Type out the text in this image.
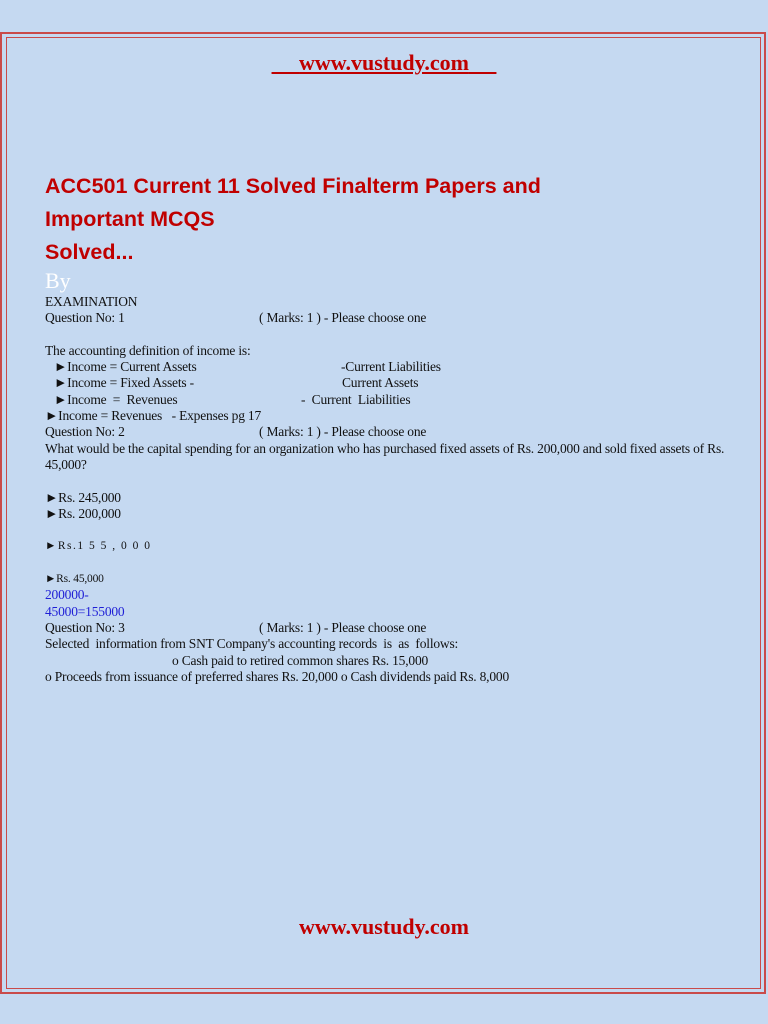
www.vustudy.com
ACC501 Current 11 Solved Finalterm Papers and
Important MCQS
Solved...
By
EXAMINATION

Question No: 1

	( Marks: 1 ) - Please choose one

The accounting definition of income is:

►Income = Current Assets

	-Current Liabilities

►Income = Fixed Assets -

	Current Assets

►Income  =  Revenues

	-  Current  Liabilities

►Income = Revenues   - Expenses pg 17

Question No: 2

	( Marks: 1 ) - Please choose one

What would be the capital spending for an organization who has purchased fixed assets of Rs. 200,000 and sold fixed assets of Rs. 45,000?
►Rs. 245,000
►Rs. 200,000
►Rs.1 5 5 , 0 0 0
►Rs. 45,000
200000-
45000=155000

Question No: 3

	( Marks: 1 ) - Please choose one

Selected  information from SNT Company's accounting records  is  as  follows:

o Cash paid to retired common shares Rs. 15,000

o Proceeds from issuance of preferred shares Rs. 20,000 o Cash dividends paid Rs. 8,000
www.vustudy.com
